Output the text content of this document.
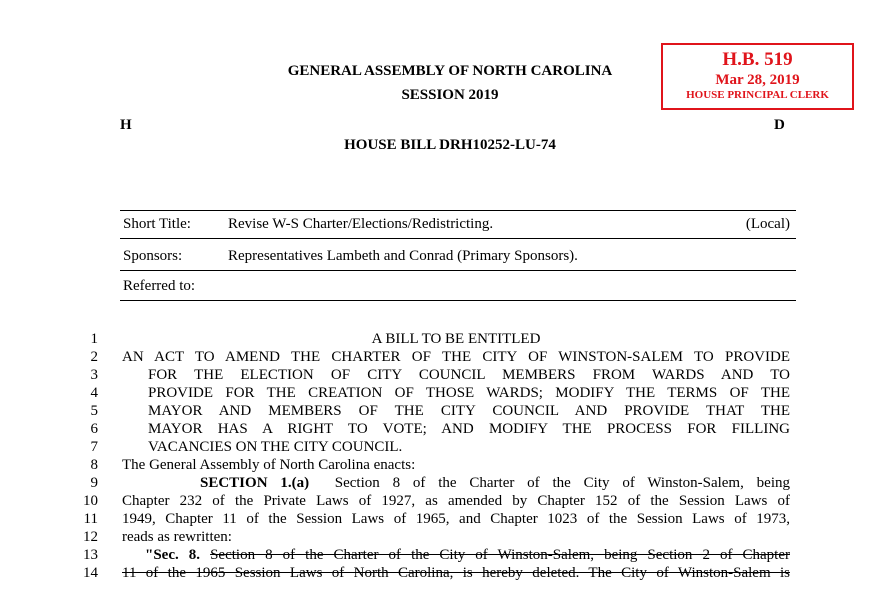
H.B. 519
Mar 28, 2019
HOUSE PRINCIPAL CLERK
GENERAL ASSEMBLY OF NORTH CAROLINA
SESSION 2019
H	D
HOUSE BILL DRH10252-LU-74
Short Title: Revise W-S Charter/Elections/Redistricting.	(Local)
Sponsors:	Representatives Lambeth and Conrad (Primary Sponsors).
Referred to:
1	A BILL TO BE ENTITLED
2 AN ACT TO AMEND THE CHARTER OF THE CITY OF WINSTON-SALEM TO PROVIDE
3	FOR THE ELECTION OF CITY COUNCIL MEMBERS FROM WARDS AND TO
4	PROVIDE FOR THE CREATION OF THOSE WARDS; MODIFY THE TERMS OF THE
5	MAYOR AND MEMBERS OF THE CITY COUNCIL AND PROVIDE THAT THE
6	MAYOR HAS A RIGHT TO VOTE; AND MODIFY THE PROCESS FOR FILLING
7	VACANCIES ON THE CITY COUNCIL.
8 The General Assembly of North Carolina enacts:
9	SECTION 1.(a) Section 8 of the Charter of the City of Winston-Salem, being
10 Chapter 232 of the Private Laws of 1927, as amended by Chapter 152 of the Session Laws of
11 1949, Chapter 11 of the Session Laws of 1965, and Chapter 1023 of the Session Laws of 1973,
12 reads as rewritten:
13	"Sec. 8. Section 8 of the Charter of the City of Winston-Salem, being Section 2 of Chapter
14 11 of the 1965 Session Laws of North Carolina, is hereby deleted. The City of Winston-Salem is
